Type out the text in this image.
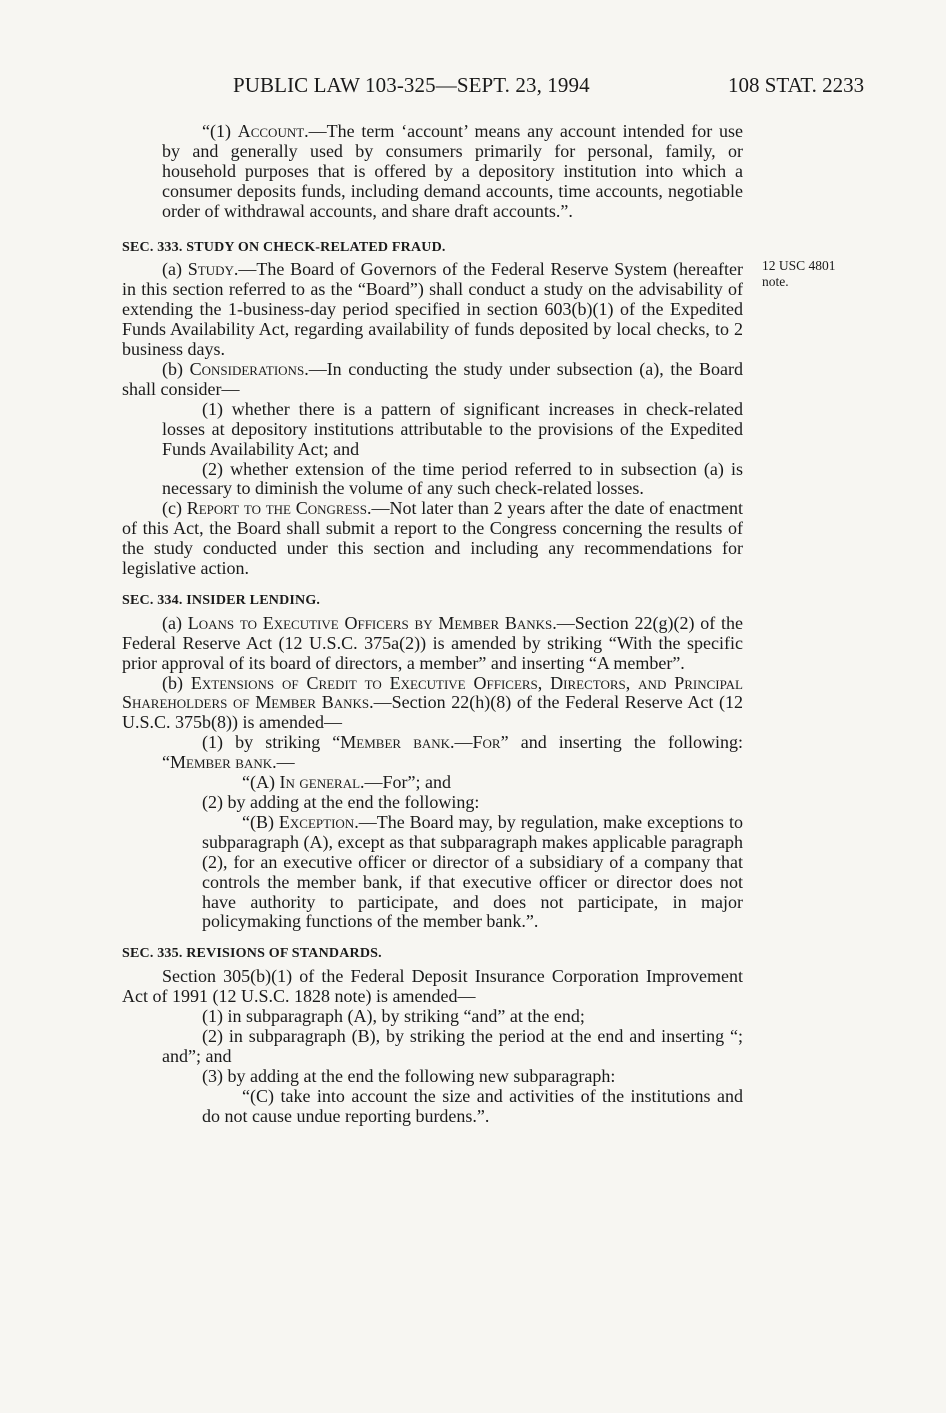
PUBLIC LAW 103-325—SEPT. 23, 1994	108 STAT. 2233
12 USC 4801
note.

“(1) Account.—The term ‘account’ means any account intended for use by and generally used by consumers primarily for personal, family, or household purposes that is offered by a depository institution into which a consumer deposits funds, including demand accounts, time accounts, negotiable order of withdrawal accounts, and share draft accounts.”.

SEC. 333. STUDY ON CHECK-RELATED FRAUD.

(a) Study.—The Board of Governors of the Federal Reserve System (hereafter in this section referred to as the “Board”) shall conduct a study on the advisability of extending the 1-business-day period specified in section 603(b)(1) of the Expedited Funds Availability Act, regarding availability of funds deposited by local checks, to 2 business days.

(b) Considerations.—In conducting the study under subsection (a), the Board shall consider—

(1) whether there is a pattern of significant increases in check-related losses at depository institutions attributable to the provisions of the Expedited Funds Availability Act; and

(2) whether extension of the time period referred to in subsection (a) is necessary to diminish the volume of any such check-related losses.

(c) Report to the Congress.—Not later than 2 years after the date of enactment of this Act, the Board shall submit a report to the Congress concerning the results of the study conducted under this section and including any recommendations for legislative action.

SEC. 334. INSIDER LENDING.

(a) Loans to Executive Officers by Member Banks.—Section 22(g)(2) of the Federal Reserve Act (12 U.S.C. 375a(2)) is amended by striking “With the specific prior approval of its board of directors, a member” and inserting “A member”.

(b) Extensions of Credit to Executive Officers, Directors, and Principal Shareholders of Member Banks.—Section 22(h)(8) of the Federal Reserve Act (12 U.S.C. 375b(8)) is amended—

(1) by striking “Member bank.—For” and inserting the following: “Member bank.—

“(A) In general.—For”; and

(2) by adding at the end the following:

“(B) Exception.—The Board may, by regulation, make exceptions to subparagraph (A), except as that subparagraph makes applicable paragraph (2), for an executive officer or director of a subsidiary of a company that controls the member bank, if that executive officer or director does not have authority to participate, and does not participate, in major policymaking functions of the member bank.”.

SEC. 335. REVISIONS OF STANDARDS.

Section 305(b)(1) of the Federal Deposit Insurance Corporation Improvement Act of 1991 (12 U.S.C. 1828 note) is amended—

(1) in subparagraph (A), by striking “and” at the end;

(2) in subparagraph (B), by striking the period at the end and inserting “; and”; and

(3) by adding at the end the following new subparagraph:

“(C) take into account the size and activities of the institutions and do not cause undue reporting burdens.”.
